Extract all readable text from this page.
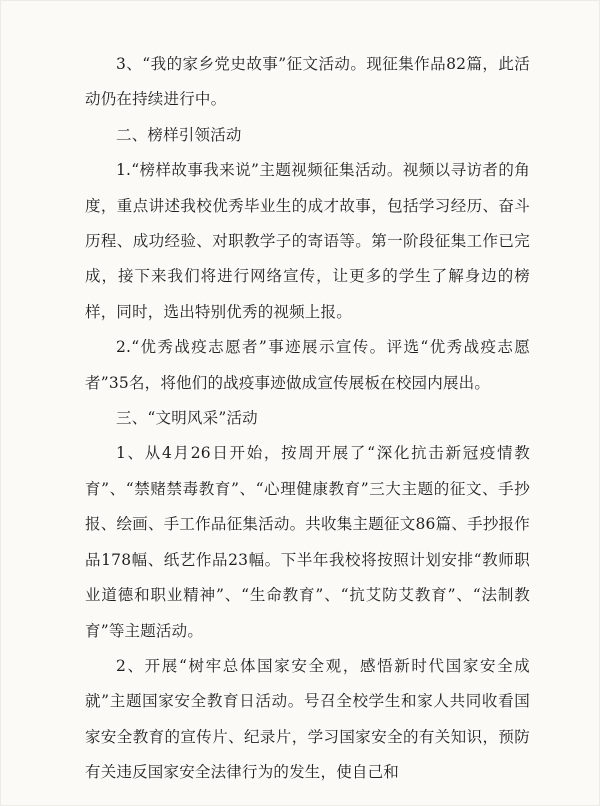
3、“我的家乡党史故事”征文活动。现征集作品82篇，此活动仍在持续进行中。

二、榜样引领活动

1.“榜样故事我来说”主题视频征集活动。视频以寻访者的角度，重点讲述我校优秀毕业生的成才故事，包括学习经历、奋斗历程、成功经验、对职教学子的寄语等。第一阶段征集工作已完成，接下来我们将进行网络宣传，让更多的学生了解身边的榜样，同时，选出特别优秀的视频上报。

2.“优秀战疫志愿者”事迹展示宣传。评选“优秀战疫志愿者”35名，将他们的战疫事迹做成宣传展板在校园内展出。

三、“文明风采”活动

1、从4月26日开始，按周开展了“深化抗击新冠疫情教育”、“禁赌禁毒教育”、“心理健康教育”三大主题的征文、手抄报、绘画、手工作品征集活动。共收集主题征文86篇、手抄报作品178幅、纸艺作品23幅。下半年我校将按照计划安排“教师职业道德和职业精神”、“生命教育”、“抗艾防艾教育”、“法制教育”等主题活动。

2、开展“树牢总体国家安全观，感悟新时代国家安全成就”主题国家安全教育日活动。号召全校学生和家人共同收看国家安全教育的宣传片、纪录片，学习国家安全的有关知识，预防有关违反国家安全法律行为的发生，使自己和
